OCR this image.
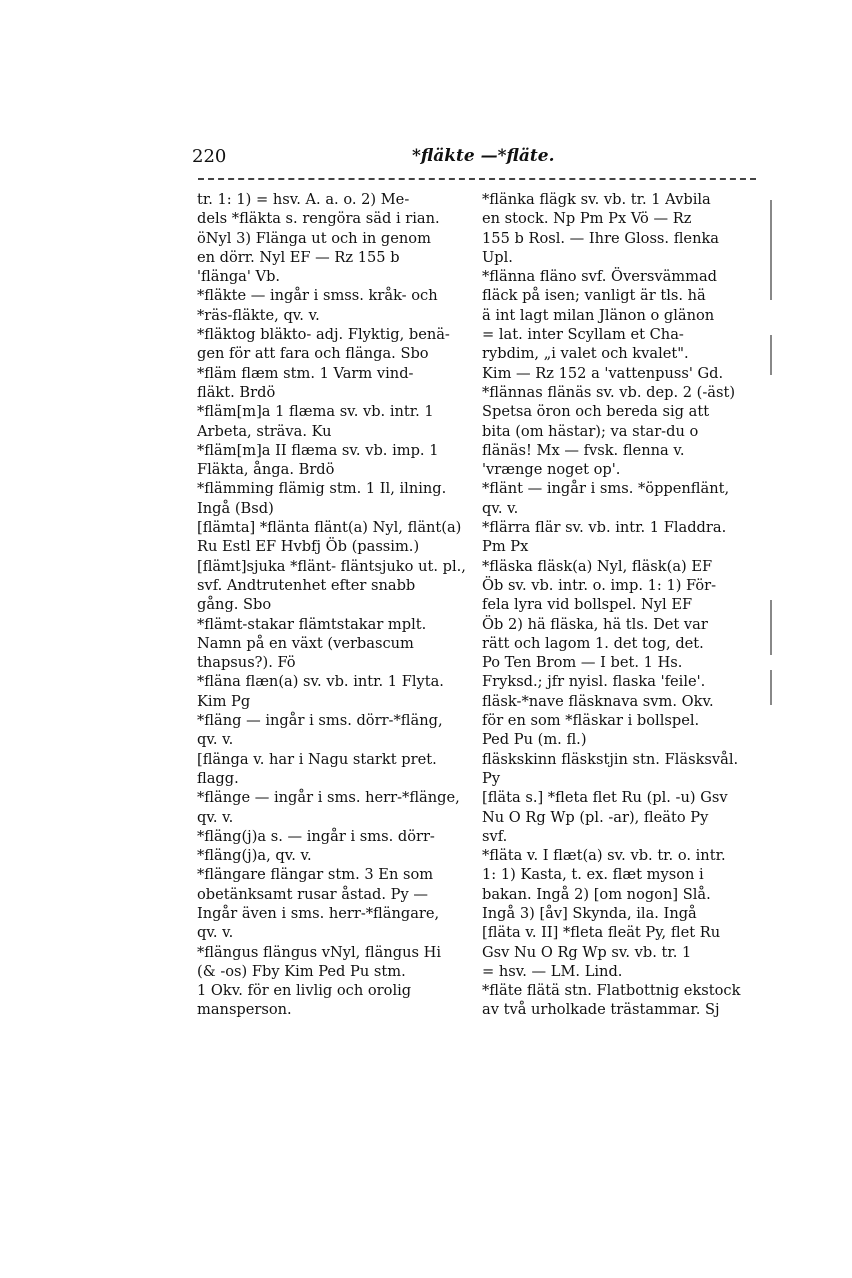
220	*fläkte —*fläte.
tr. 1: 1) = hsv. A. a. o. 2) Me-
dels *fläkta s. rengöra säd i rian.
öNyl 3) Flänga ut och in genom
en dörr. Nyl EF — Rz 155 b
'flänga' Vb.
*fläkte — ingår i smss. kråk- och
*räs-fläkte, qv. v.
*fläktog bläkto- adj. Flyktig, benä-
gen för att fara och flänga. Sbo
*fläm flæm stm. 1 Varm vind-
fläkt. Brdö
*fläm[m]a 1 flæma sv. vb. intr. 1
Arbeta, sträva. Ku
*fläm[m]a II flæma sv. vb. imp. 1
Fläkta, ånga. Brdö
*flämming flämig stm. 1 Il, ilning.
Ingå (Bsd)
[flämta] *flänta flänt(a) Nyl, flänt(a)
Ru Estl EF Hvbfj Öb (passim.)
[flämt]sjuka *flänt- fläntsjuko ut. pl.,
svf. Andtrutenhet efter snabb
gång. Sbo
*flämt-stakar flämtstakar mplt.
Namn på en växt (verbascum
thapsus?). Fö
*fläna flæn(a) sv. vb. intr. 1 Flyta.
Kim Pg
*fläng — ingår i sms. dörr-*fläng,
qv. v.
[flänga v. har i Nagu starkt pret.
flagg.
*flänge — ingår i sms. herr-*flänge,
qv. v.
*fläng(j)a s. — ingår i sms. dörr-
*fläng(j)a, qv. v.
*flängare flängar stm. 3 En som
obetänksamt rusar åstad. Py —
Ingår även i sms. herr-*flängare,
qv. v.
*flängus flängus vNyl, flängus Hi
(& -os) Fby Kim Ped Pu stm.
1 Okv. för en livlig och orolig
mansperson.
*flänka flägk sv. vb. tr. 1 Avbila
en stock. Np Pm Px Vö — Rz
155 b Rosl. — Ihre Gloss. flenka
Upl.
*flänna fläno svf. Översvämmad
fläck på isen; vanligt är tls. hä
ä int lagt milan Jlänon o glänon
= lat. inter Scyllam et Cha-
rybdim, „i valet och kvalet".
Kim — Rz 152 a 'vattenpuss' Gd.
*flännas flänäs sv. vb. dep. 2 (-äst)
Spetsa öron och bereda sig att
bita (om hästar); va star-du o
flänäs! Mx — fvsk. flenna v.
'vrænge noget op'.
*flänt — ingår i sms. *öppenflänt,
qv. v.
*flärra flär sv. vb. intr. 1 Fladdra.
Pm Px
*fläska fläsk(a) Nyl, fläsk(a) EF
Öb sv. vb. intr. o. imp. 1: 1) För-
fela lyra vid bollspel. Nyl EF
Öb 2) hä fläska, hä tls. Det var
rätt och lagom 1. det tog, det.
Po Ten Brom — I bet. 1 Hs.
Fryksd.; jfr nyisl. flaska 'feile'.
fläsk-*nave fläsknava svm. Okv.
för en som *fläskar i bollspel.
Ped Pu (m. fl.)
fläskskinn fläskstjin stn. Fläsksvål.
Py
[fläta s.] *fleta flet Ru (pl. -u) Gsv
Nu O Rg Wp (pl. -ar), fleäto Py
svf.
*fläta v. I flæt(a) sv. vb. tr. o. intr.
1: 1) Kasta, t. ex. flæt myson i
bakan. Ingå 2) [om nogon] Slå.
Ingå 3) [åv] Skynda, ila. Ingå
[fläta v. II] *fleta fleät Py, flet Ru
Gsv Nu O Rg Wp sv. vb. tr. 1
= hsv. — LM. Lind.
*fläte flätä stn. Flatbottnig ekstock
av två urholkade trästammar. Sj
